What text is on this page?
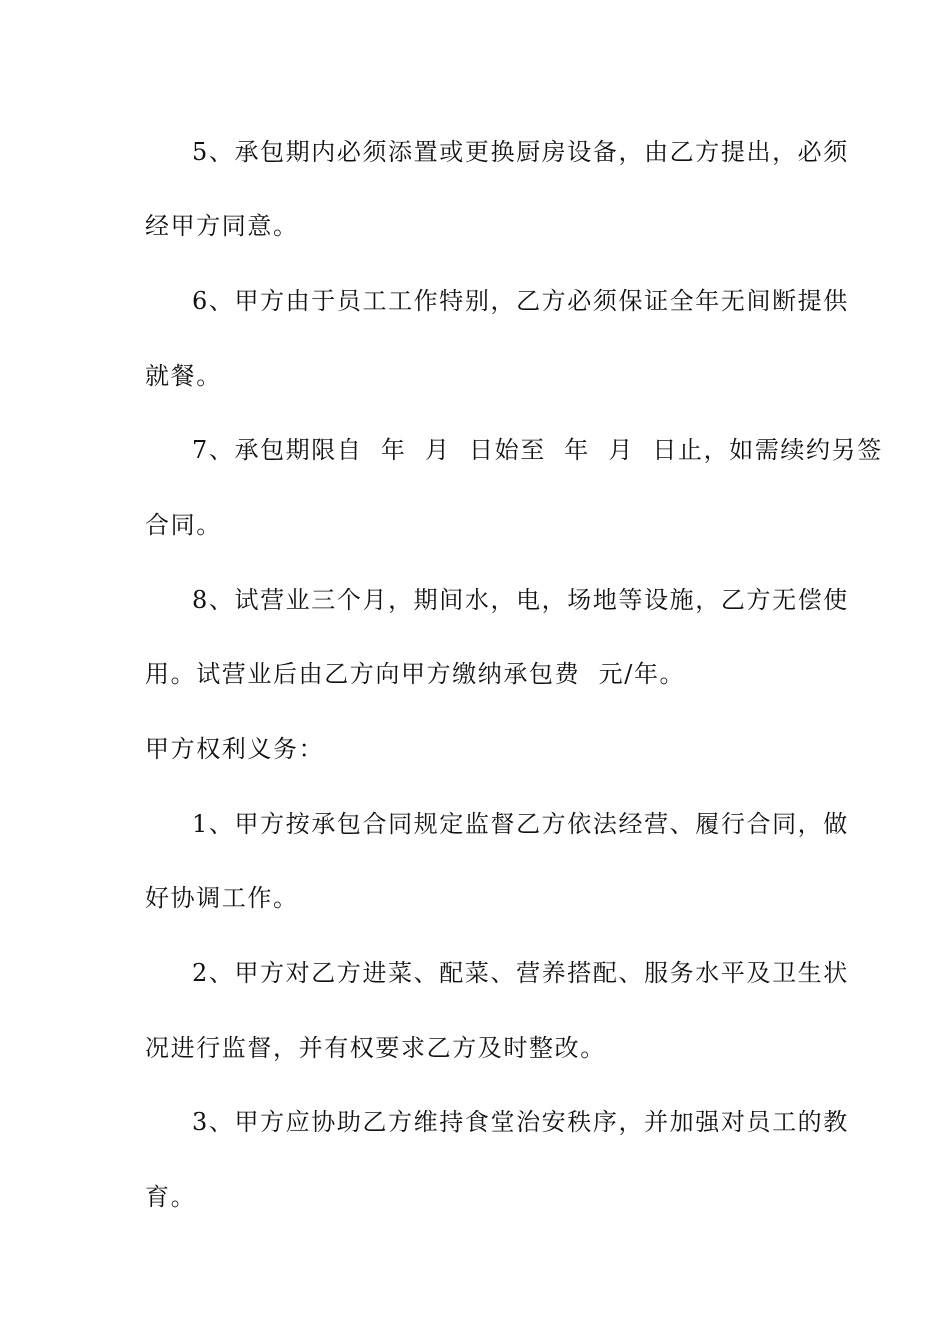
5、承包期内必须添置或更换厨房设备，由乙方提出，必须
经甲方同意。
6、甲方由于员工工作特别，乙方必须保证全年无间断提供
就餐。
7、承包期限自  年  月  日始至  年  月  日止，如需续约另签
合同。
8、试营业三个月，期间水，电，场地等设施，乙方无偿使
用。试营业后由乙方向甲方缴纳承包费  元/年。
甲方权利义务：
1、甲方按承包合同规定监督乙方依法经营、履行合同，做
好协调工作。
2、甲方对乙方进菜、配菜、营养搭配、服务水平及卫生状
况进行监督，并有权要求乙方及时整改。
3、甲方应协助乙方维持食堂治安秩序，并加强对员工的教
育。
